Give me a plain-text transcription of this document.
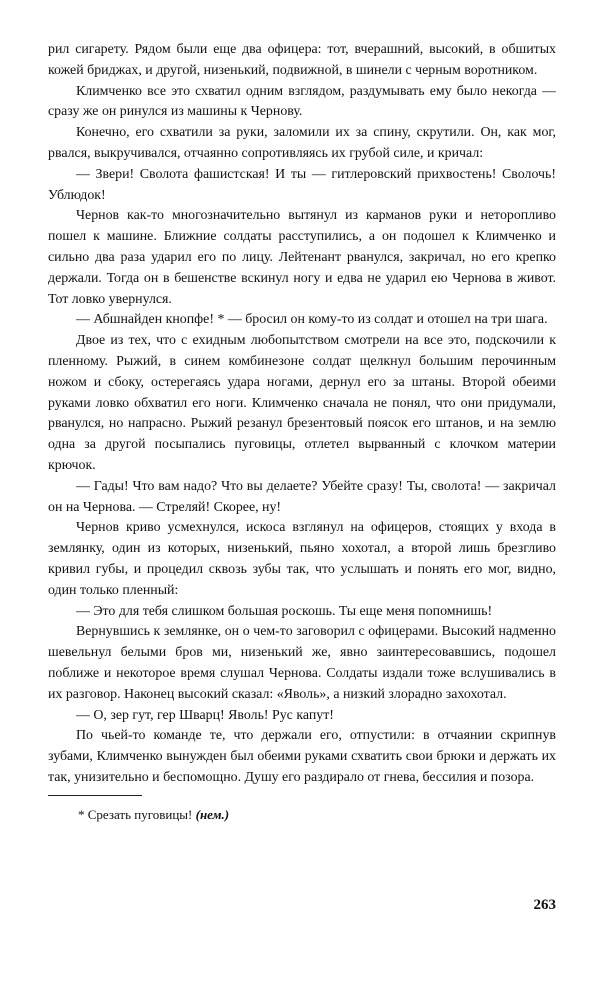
рил сигарету. Рядом были еще два офицера: тот, вчерашний, высокий, в обшитых кожей бриджах, и другой, низенький, подвижной, в шинели с черным воротником.

Климченко все это схватил одним взглядом, раздумывать ему было некогда — сразу же он ринулся из машины к Чернову.

Конечно, его схватили за руки, заломили их за спину, скрутили. Он, как мог, рвался, выкручивался, отчаянно сопротивляясь их грубой силе, и кричал:

— Звери! Сволота фашистская! И ты — гитлеровский прихвостень! Сволочь! Ублюдок!

Чернов как-то многозначительно вытянул из карманов руки и неторопливо пошел к машине. Ближние солдаты расступились, а он подошел к Климченко и сильно два раза ударил его по лицу. Лейтенант рванулся, закричал, но его крепко держали. Тогда он в бешенстве вскинул ногу и едва не ударил ею Чернова в живот. Тот ловко увернулся.

— Абшнайден кнопфе! * — бросил он кому-то из солдат и отошел на три шага.

Двое из тех, что с ехидным любопытством смотрели на все это, подскочили к пленному. Рыжий, в синем комбинезоне солдат щелкнул большим перочинным ножом и сбоку, остерегаясь удара ногами, дернул его за штаны. Второй обеими руками ловко обхватил его ноги. Климченко сначала не понял, что они придумали, рванулся, но напрасно. Рыжий резанул брезентовый поясок его штанов, и на землю одна за другой посыпались пуговицы, отлетел вырванный с клочком материи крючок.

— Гады! Что вам надо? Что вы делаете? Убейте сразу! Ты, сволота! — закричал он на Чернова. — Стреляй! Скорее, ну!

Чернов криво усмехнулся, искоса взглянул на офицеров, стоящих у входа в землянку, один из которых, низенький, пьяно хохотал, а второй лишь брезгливо кривил губы, и процедил сквозь зубы так, что услышать и понять его мог, видно, один только пленный:

— Это для тебя слишком большая роскошь. Ты еще меня попомнишь!

Вернувшись к землянке, он о чем-то заговорил с офицерами. Высокий надменно шевельнул белыми бров ми, низенький же, явно заинтересовавшись, подошел поближе и некоторое время слушал Чернова. Солдаты издали тоже вслушивались в их разговор. Наконец высокий сказал: «Яволь», а низкий злорадно захохотал.

— О, зер гут, гер Шварц! Яволь! Рус капут!

По чьей-то команде те, что держали его, отпустили: в отчаянии скрипнув зубами, Климченко вынужден был обеими руками схватить свои брюки и держать их так, унизительно и беспомощно. Душу его раздирало от гнева, бессилия и позора.

* Срезать пуговицы! (нем.)
263
